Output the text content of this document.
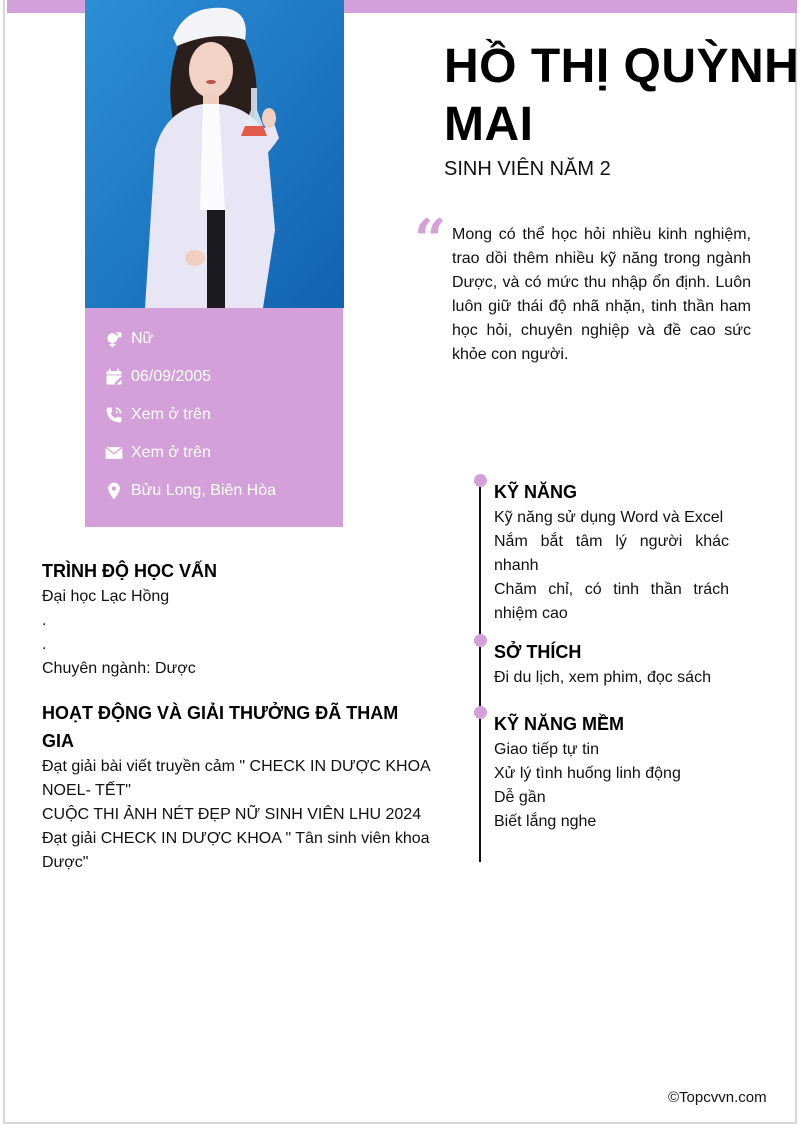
Nữ
06/09/2005
Xem ở trên
Xem ở trên
Bửu Long, Biên Hòa
HỒ THỊ QUỲNH MAI
SINH VIÊN NĂM 2
“ Mong có thể học hỏi nhiều kinh nghiệm, trao dồi thêm nhiều kỹ năng trong ngành Dược, và có mức thu nhập ổn định. Luôn luôn giữ thái độ nhã nhặn, tinh thần ham học hỏi, chuyên nghiệp và đề cao sức khỏe con người.
TRÌNH ĐỘ HỌC VẤN
Đại học Lạc Hồng
.
.
Chuyên ngành: Dược
HOẠT ĐỘNG VÀ GIẢI THƯỞNG ĐÃ THAM GIA
Đạt giải bài viết truyền cảm " CHECK IN DƯỢC KHOA NOEL- TẾT"
CUỘC THI ẢNH NÉT ĐẸP NỮ SINH VIÊN LHU 2024
Đạt giải CHECK IN DƯỢC KHOA " Tân sinh viên khoa Dược"
KỸ NĂNG
Kỹ năng sử dụng Word và Excel
Nắm bắt tâm lý người khác nhanh
Chăm chỉ, có tinh thần trách nhiệm cao
SỞ THÍCH
Đi du lịch, xem phim, đọc sách
KỸ NĂNG MỀM
Giao tiếp tự tin
Xử lý tình huống linh động
Dễ gần
Biết lắng nghe
©Topcvvn.com
